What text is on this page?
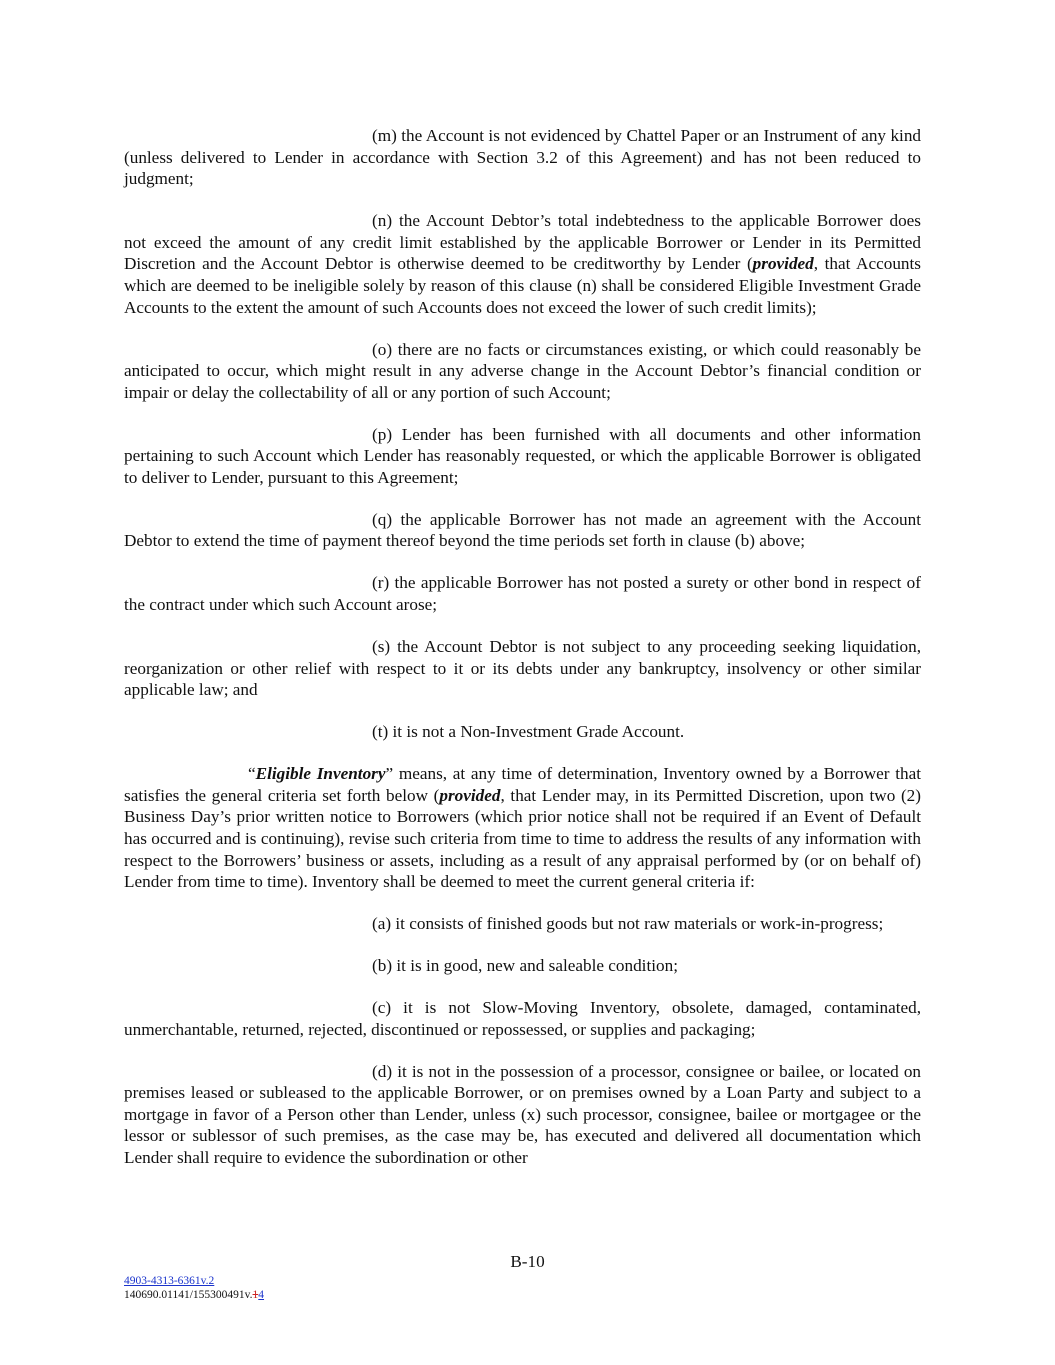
(m) the Account is not evidenced by Chattel Paper or an Instrument of any kind (unless delivered to Lender in accordance with Section 3.2 of this Agreement) and has not been reduced to judgment;

(n) the Account Debtor’s total indebtedness to the applicable Borrower does not exceed the amount of any credit limit established by the applicable Borrower or Lender in its Permitted Discretion and the Account Debtor is otherwise deemed to be creditworthy by Lender (provided, that Accounts which are deemed to be ineligible solely by reason of this clause (n) shall be considered Eligible Investment Grade Accounts to the extent the amount of such Accounts does not exceed the lower of such credit limits);

(o) there are no facts or circumstances existing, or which could reasonably be anticipated to occur, which might result in any adverse change in the Account Debtor’s financial condition or impair or delay the collectability of all or any portion of such Account;

(p) Lender has been furnished with all documents and other information pertaining to such Account which Lender has reasonably requested, or which the applicable Borrower is obligated to deliver to Lender, pursuant to this Agreement;

(q) the applicable Borrower has not made an agreement with the Account Debtor to extend the time of payment thereof beyond the time periods set forth in clause (b) above;

(r) the applicable Borrower has not posted a surety or other bond in respect of the contract under which such Account arose;

(s) the Account Debtor is not subject to any proceeding seeking liquidation, reorganization or other relief with respect to it or its debts under any bankruptcy, insolvency or other similar applicable law; and

(t) it is not a Non-Investment Grade Account.

“Eligible Inventory” means, at any time of determination, Inventory owned by a Borrower that satisfies the general criteria set forth below (provided, that Lender may, in its Permitted Discretion, upon two (2) Business Day’s prior written notice to Borrowers (which prior notice shall not be required if an Event of Default has occurred and is continuing), revise such criteria from time to time to address the results of any information with respect to the Borrowers’ business or assets, including as a result of any appraisal performed by (or on behalf of) Lender from time to time). Inventory shall be deemed to meet the current general criteria if:

(a) it consists of finished goods but not raw materials or work-in-progress;

(b) it is in good, new and saleable condition;

(c) it is not Slow-Moving Inventory, obsolete, damaged, contaminated, unmerchantable, returned, rejected, discontinued or repossessed, or supplies and packaging;

(d) it is not in the possession of a processor, consignee or bailee, or located on premises leased or subleased to the applicable Borrower, or on premises owned by a Loan Party and subject to a mortgage in favor of a Person other than Lender, unless (x) such processor, consignee, bailee or mortgagee or the lessor or sublessor of such premises, as the case may be, has executed and delivered all documentation which Lender shall require to evidence the subordination or other

B-10
4903-4313-6361v.2
140690.01141/155300491v.14
